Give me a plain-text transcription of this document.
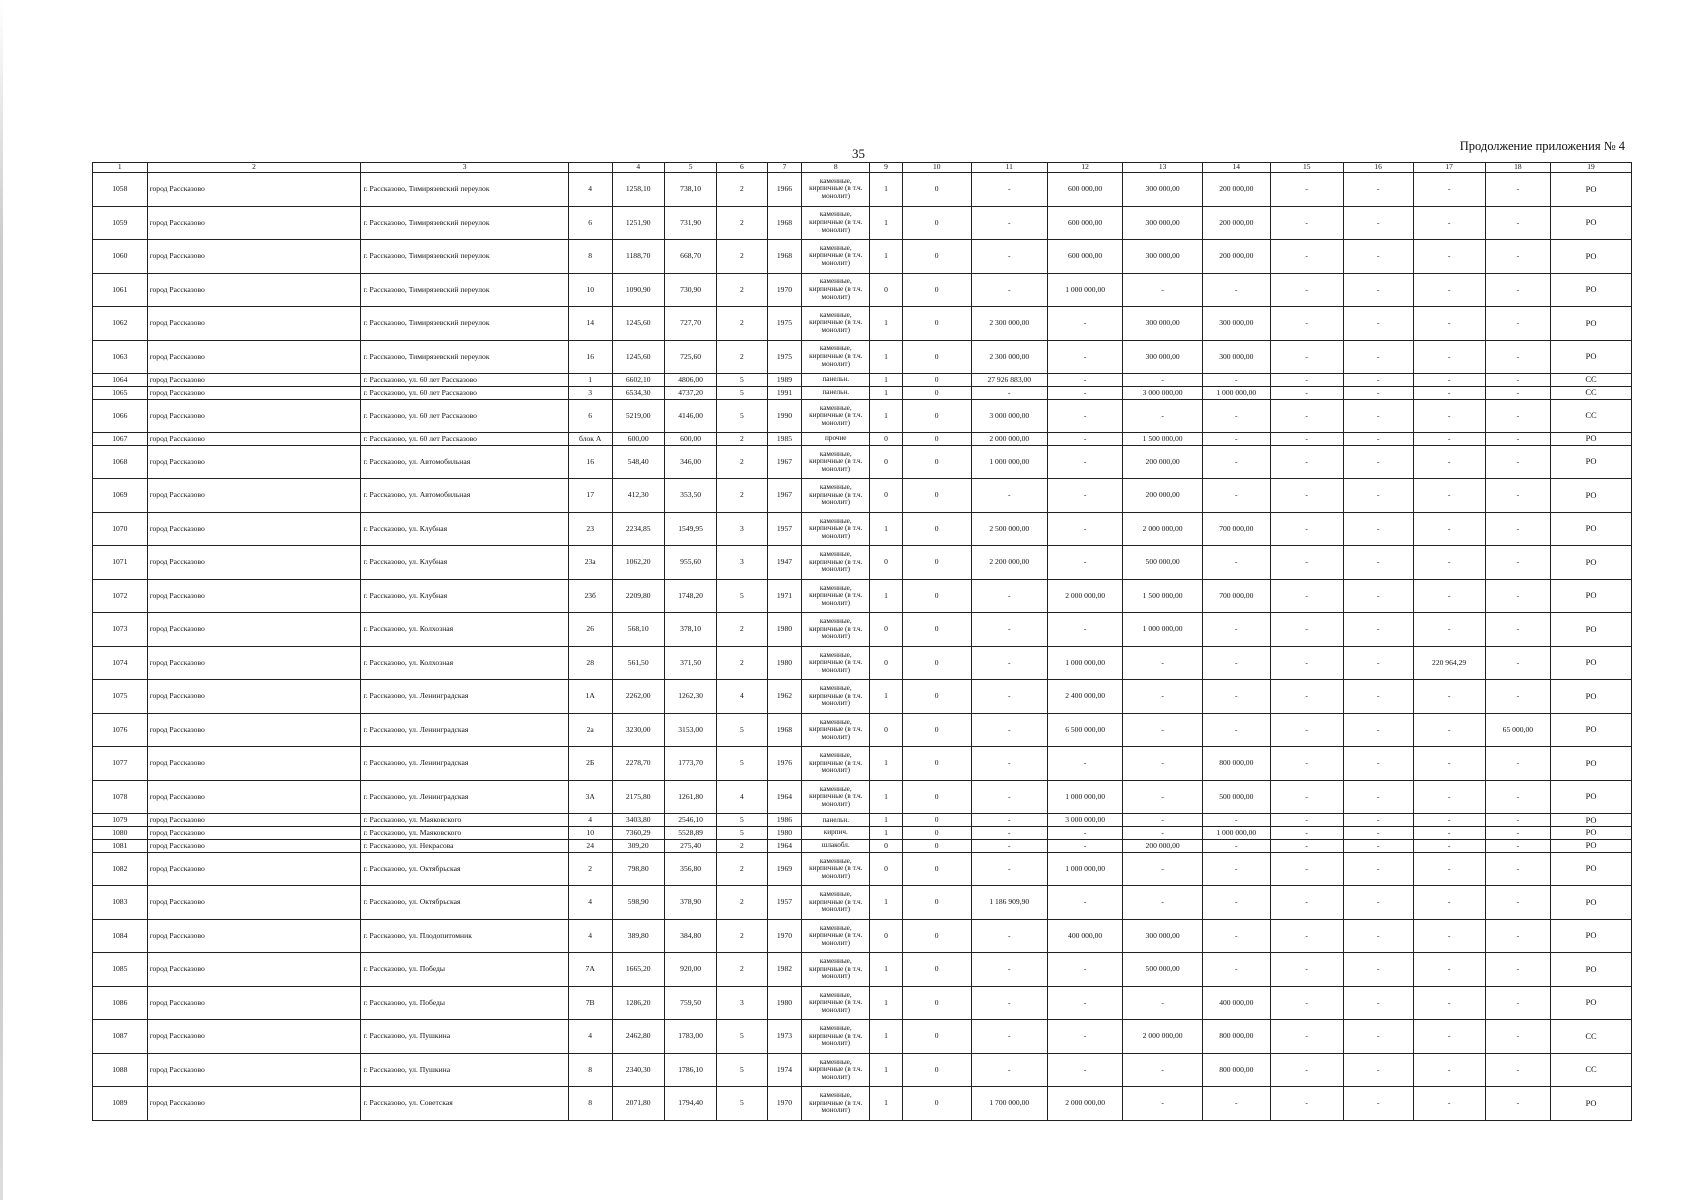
35	Продолжение приложения № 4
1	2	3		4	5	6	7	8	9	10	11	12	13	14	15	16	17	18	19
1058	город Рассказово	г. Рассказово, Тимирязевский переулок	4	1258,10	738,10	2	1966	каменные, кирпичные (в т.ч. монолит)	1	0	-	600 000,00	300 000,00	200 000,00	-	-	-	-	РО
1059	город Рассказово	г. Рассказово, Тимирязевский переулок	6	1251,90	731,90	2	1968	каменные, кирпичные (в т.ч. монолит)	1	0	-	600 000,00	300 000,00	200 000,00	-	-	-	-	РО
1060	город Рассказово	г. Рассказово, Тимирязевский переулок	8	1188,70	668,70	2	1968	каменные, кирпичные (в т.ч. монолит)	1	0	-	600 000,00	300 000,00	200 000,00	-	-	-	-	РО
1061	город Рассказово	г. Рассказово, Тимирязевский переулок	10	1090,90	730,90	2	1970	каменные, кирпичные (в т.ч. монолит)	0	0	-	1 000 000,00	-	-	-	-	-	-	РО
1062	город Рассказово	г. Рассказово, Тимирязевский переулок	14	1245,60	727,70	2	1975	каменные, кирпичные (в т.ч. монолит)	1	0	2 300 000,00	-	300 000,00	300 000,00	-	-	-	-	РО
1063	город Рассказово	г. Рассказово, Тимирязевский переулок	16	1245,60	725,60	2	1975	каменные, кирпичные (в т.ч. монолит)	1	0	2 300 000,00	-	300 000,00	300 000,00	-	-	-	-	РО
1064	город Рассказово	г. Рассказово, ул. 60 лет Рассказово	1	6602,10	4806,00	5	1989	панельн.	1	0	27 926 883,00	-	-	-	-	-	-	-	СС
1065	город Рассказово	г. Рассказово, ул. 60 лет Рассказово	3	6534,30	4737,20	5	1991	панельн.	1	0	-	-	3 000 000,00	1 000 000,00	-	-	-	-	СС
1066	город Рассказово	г. Рассказово, ул. 60 лет Рассказово	6	5219,00	4146,00	5	1990	каменные, кирпичные (в т.ч. монолит)	1	0	3 000 000,00	-	-	-	-	-	-	-	СС
1067	город Рассказово	г. Рассказово, ул. 60 лет Рассказово	блок А	600,00	600,00	2	1985	прочие	0	0	2 000 000,00	-	1 500 000,00	-	-	-	-	-	РО
1068	город Рассказово	г. Рассказово, ул. Автомобильная	16	548,40	346,00	2	1967	каменные, кирпичные (в т.ч. монолит)	0	0	1 000 000,00	-	200 000,00	-	-	-	-	-	РО
1069	город Рассказово	г. Рассказово, ул. Автомобильная	17	412,30	353,50	2	1967	каменные, кирпичные (в т.ч. монолит)	0	0	-	-	200 000,00	-	-	-	-	-	РО
1070	город Рассказово	г. Рассказово, ул. Клубная	23	2234,85	1549,95	3	1957	каменные, кирпичные (в т.ч. монолит)	1	0	2 500 000,00	-	2 000 000,00	700 000,00	-	-	-	-	РО
1071	город Рассказово	г. Рассказово, ул. Клубная	23а	1062,20	955,60	3	1947	каменные, кирпичные (в т.ч. монолит)	0	0	2 200 000,00	-	500 000,00	-	-	-	-	-	РО
1072	город Рассказово	г. Рассказово, ул. Клубная	23б	2209,80	1748,20	5	1971	каменные, кирпичные (в т.ч. монолит)	1	0	-	2 000 000,00	1 500 000,00	700 000,00	-	-	-	-	РО
1073	город Рассказово	г. Рассказово, ул. Колхозная	26	568,10	378,10	2	1980	каменные, кирпичные (в т.ч. монолит)	0	0	-	-	1 000 000,00	-	-	-	-	-	РО
1074	город Рассказово	г. Рассказово, ул. Колхозная	28	561,50	371,50	2	1980	каменные, кирпичные (в т.ч. монолит)	0	0	-	1 000 000,00	-	-	-	-	220 964,29	-	РО
1075	город Рассказово	г. Рассказово, ул. Ленинградская	1А	2262,00	1262,30	4	1962	каменные, кирпичные (в т.ч. монолит)	1	0	-	2 400 000,00	-	-	-	-	-	-	РО
1076	город Рассказово	г. Рассказово, ул. Ленинградская	2а	3230,00	3153,00	5	1968	каменные, кирпичные (в т.ч. монолит)	0	0	-	6 500 000,00	-	-	-	-	-	65 000,00	РО
1077	город Рассказово	г. Рассказово, ул. Ленинградская	2Б	2278,70	1773,70	5	1976	каменные, кирпичные (в т.ч. монолит)	1	0	-	-	-	800 000,00	-	-	-	-	РО
1078	город Рассказово	г. Рассказово, ул. Ленинградская	3А	2175,80	1261,80	4	1964	каменные, кирпичные (в т.ч. монолит)	1	0	-	1 000 000,00	-	500 000,00	-	-	-	-	РО
1079	город Рассказово	г. Рассказово, ул. Маяковского	4	3403,80	2546,10	5	1986	панельн.	1	0	-	3 000 000,00	-	-	-	-	-	-	РО
1080	город Рассказово	г. Рассказово, ул. Маяковского	10	7360,29	5528,89	5	1980	кирпич.	1	0	-	-	-	1 000 000,00	-	-	-	-	РО
1081	город Рассказово	г. Рассказово, ул. Некрасова	24	309,20	275,40	2	1964	шлакобл.	0	0	-	-	200 000,00	-	-	-	-	-	РО
1082	город Рассказово	г. Рассказово, ул. Октябрьская	2	798,80	356,80	2	1969	каменные, кирпичные (в т.ч. монолит)	0	0	-	1 000 000,00	-	-	-	-	-	-	РО
1083	город Рассказово	г. Рассказово, ул. Октябрьская	4	598,90	378,90	2	1957	каменные, кирпичные (в т.ч. монолит)	1	0	1 186 909,90	-	-	-	-	-	-	-	РО
1084	город Рассказово	г. Рассказово, ул. Плодопитомник	4	389,80	384,80	2	1970	каменные, кирпичные (в т.ч. монолит)	0	0	-	400 000,00	300 000,00	-	-	-	-	-	РО
1085	город Рассказово	г. Рассказово, ул. Победы	7А	1665,20	920,00	2	1982	каменные, кирпичные (в т.ч. монолит)	1	0	-	-	500 000,00	-	-	-	-	-	РО
1086	город Рассказово	г. Рассказово, ул. Победы	7В	1286,20	759,50	3	1980	каменные, кирпичные (в т.ч. монолит)	1	0	-	-	-	400 000,00	-	-	-	-	РО
1087	город Рассказово	г. Рассказово, ул. Пушкина	4	2462,80	1783,00	5	1973	каменные, кирпичные (в т.ч. монолит)	1	0	-	-	2 000 000,00	800 000,00	-	-	-	-	СС
1088	город Рассказово	г. Рассказово, ул. Пушкина	8	2340,30	1786,10	5	1974	каменные, кирпичные (в т.ч. монолит)	1	0	-	-	-	800 000,00	-	-	-	-	СС
1089	город Рассказово	г. Рассказово, ул. Советская	8	2071,80	1794,40	5	1970	каменные, кирпичные (в т.ч. монолит)	1	0	1 700 000,00	2 000 000,00	-	-	-	-	-	-	РО
